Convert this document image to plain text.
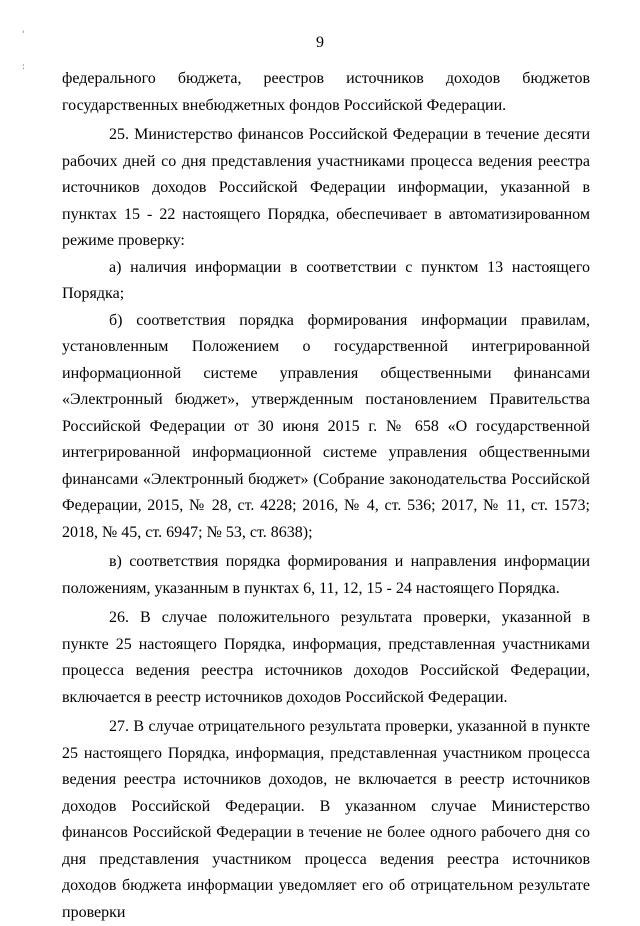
'
:
9

федерального бюджета, реестров источников доходов бюджетов государственных внебюджетных фондов Российской Федерации.

25. Министерство финансов Российской Федерации в течение десяти рабочих дней со дня представления участниками процесса ведения реестра источников доходов Российской Федерации информации, указанной в пунктах 15 - 22 настоящего Порядка, обеспечивает в автоматизированном режиме проверку:

а) наличия информации в соответствии с пунктом 13 настоящего Порядка;

б) соответствия порядка формирования информации правилам, установленным Положением о государственной интегрированной информационной системе управления общественными финансами «Электронный бюджет», утвержденным постановлением Правительства Российской Федерации от 30 июня 2015 г. № 658 «О государственной интегрированной информационной системе управления общественными финансами «Электронный бюджет» (Собрание законодательства Российской Федерации, 2015, № 28, ст. 4228; 2016, № 4, ст. 536; 2017, № 11, ст. 1573; 2018, № 45, ст. 6947; № 53, ст. 8638);

в) соответствия порядка формирования и направления информации положениям, указанным в пунктах 6, 11, 12, 15 - 24 настоящего Порядка.

26. В случае положительного результата проверки, указанной в пункте 25 настоящего Порядка, информация, представленная участниками процесса ведения реестра источников доходов Российской Федерации, включается в реестр источников доходов Российской Федерации.

27. В случае отрицательного результата проверки, указанной в пункте 25 настоящего Порядка, информация, представленная участником процесса ведения реестра источников доходов, не включается в реестр источников доходов Российской Федерации. В указанном случае Министерство финансов Российской Федерации в течение не более одного рабочего дня со дня представления участником процесса ведения реестра источников доходов бюджета информации уведомляет его об отрицательном результате проверки
